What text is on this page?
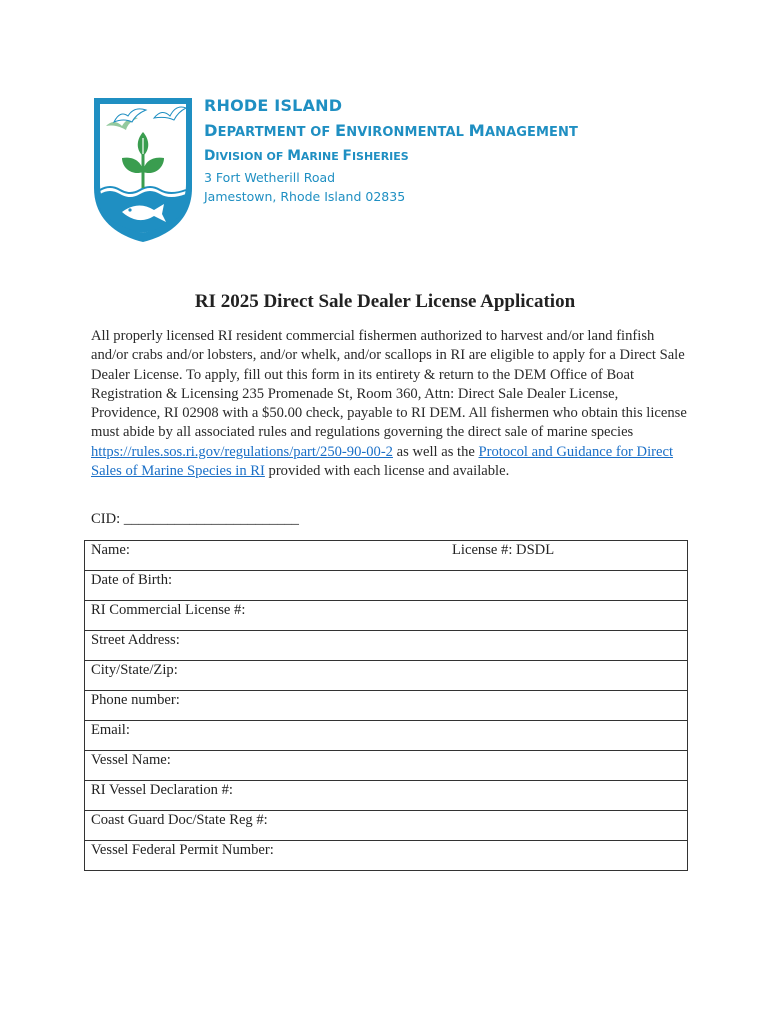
RHODE ISLAND
DEPARTMENT OF ENVIRONMENTAL MANAGEMENT
DIVISION OF MARINE FISHERIES
3 Fort Wetherill Road
Jamestown, Rhode Island 02835
RI 2025 Direct Sale Dealer License Application
All properly licensed RI resident commercial fishermen authorized to harvest and/or land finfish and/or crabs and/or lobsters, and/or whelk, and/or scallops in RI are eligible to apply for a Direct Sale Dealer License. To apply, fill out this form in its entirety & return to the DEM Office of Boat Registration & Licensing 235 Promenade St, Room 360, Attn: Direct Sale Dealer License, Providence, RI 02908 with a $50.00 check, payable to RI DEM. All fishermen who obtain this license must abide by all associated rules and regulations governing the direct sale of marine species https://rules.sos.ri.gov/regulations/part/250-90-00-2 as well as the Protocol and Guidance for Direct Sales of Marine Species in RI provided with each license and available.
CID: ________________________
Name:	License #: DSDL
Date of Birth:
RI Commercial License #:
Street Address:
City/State/Zip:
Phone number:
Email:
Vessel Name:
RI Vessel Declaration #:
Coast Guard Doc/State Reg #:
Vessel Federal Permit Number:
